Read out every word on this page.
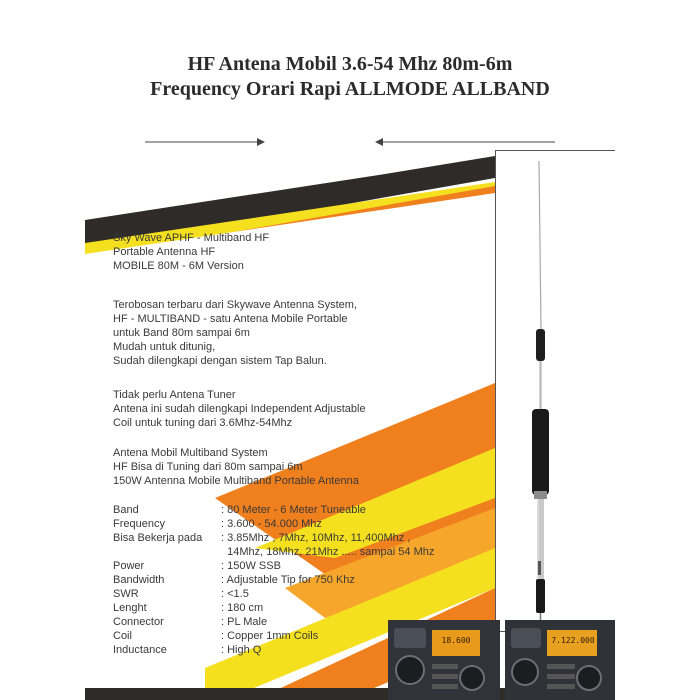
HF Antena Mobil 3.6-54 Mhz 80m-6m
Frequency Orari Rapi ALLMODE ALLBAND
Sky Wave APHF - Multiband HF
Portable Antenna HF
MOBILE 80M - 6M Version
Terobosan terbaru dari Skywave Antenna System,
HF - MULTIBAND - satu Antena Mobile Portable
untuk Band 80m sampai 6m
Mudah untuk ditunig,
Sudah dilengkapi dengan sistem Tap Balun.
Tidak perlu Antena Tuner
Antena ini sudah dilengkapi Independent Adjustable
Coil untuk tuning dari 3.6Mhz-54Mhz
Antena Mobil Multiband System
HF Bisa di Tuning dari 80m sampai 6m
150W Antenna Mobile Multiband Portable Antenna
Band	: 80 Meter - 6 Meter Tuneable
Frequency	: 3.600 - 54.000 Mhz
Bisa Bekerja pada	: 3.85Mhz , 7Mhz, 10Mhz, 11,400Mhz ,
14Mhz, 18Mhz, 21Mhz ..... sampai 54 Mhz
Power	: 150W SSB
Bandwidth	: Adjustable Tip for 750 Khz
SWR	: <1.5
Lenght	: 180 cm
Connector	: PL Male
Coil	: Copper 1mm Coils
Inductance	: High Q
18.600	7.122.000
